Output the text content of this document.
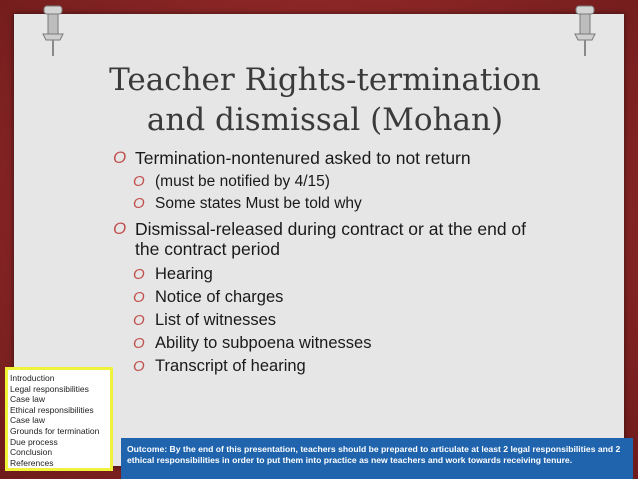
Teacher Rights-termination and dismissal (Mohan)
O Termination-nontenured asked to not return
O (must be notified by 4/15)
O Some states Must be told why
O Dismissal-released during contract or at the end of the contract period
O Hearing
O Notice of charges
O List of witnesses
O Ability to subpoena witnesses
O Transcript of hearing
Introduction
Legal responsibilities
Case law
Ethical responsibilities
Case law
Grounds for termination
Due process
Conclusion
References
Outcome: By the end of this presentation, teachers should be prepared to articulate at least 2 legal responsibilities and 2 ethical responsibilities in order to put them into practice as new teachers and work towards receiving tenure.
